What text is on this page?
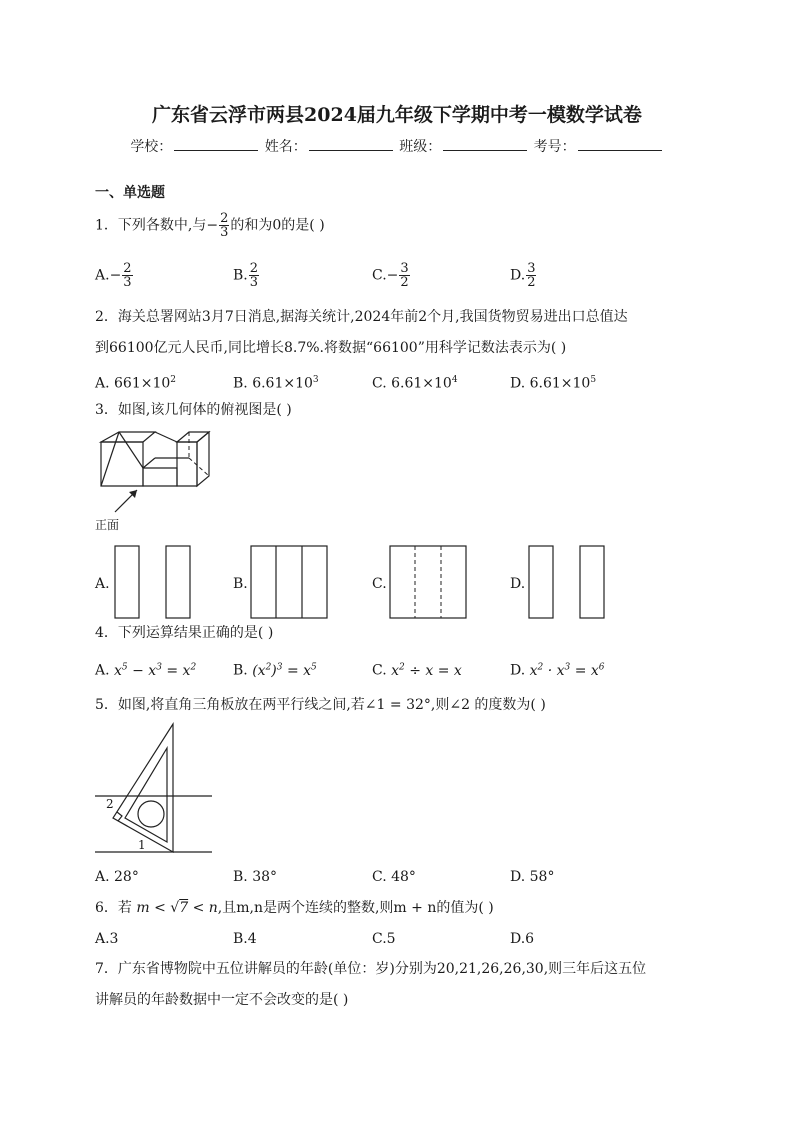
广东省云浮市两县2024届九年级下学期中考一模数学试卷
学校：	姓名：	班级：	考号：
一、单选题
1．下列各数中,与− $\frac{2}{3}$ 的和为0的是( )
$A.- \frac{2}{3}$	B. $\frac{2}{3}$	$C.- \frac{3}{2}$	D. $\frac{3}{2}$
2．海关总署网站3月7日消息,据海关统计,2024年前2个月,我国货物贸易进出口总值达
到66100亿元人民币,同比增长8.7%.将数据“66100”用科学记数法表示为( )
A. $661\times 10^2$	B. $6.61\times 10^3$	C. $6.61\times 10^4$	D. $6.61\times 10^5$
3．如图,该几何体的俯视图是( )
正面
A.	B.	C.	D.
4．下列运算结果正确的是( )
A. $x^5 - x^3 = x^2$	B. $(x^2)^3 = x^5$	C. $x^2 \div x = x$	D. $x^2 \cdot x^3 = x^6$
5．如图,将直角三角板放在两平行线之间,若∠1 = 32°,则∠2 的度数为( )
2
1
A. 28°	B. 38°	C. 48°	D. 58°
6．若 m < √7 < n,且m,n是两个连续的整数,则m + n的值为( )
A.3	B.4	C.5	D.6
7．广东省博物院中五位讲解员的年龄(单位：岁)分别为20,21,26,26,30,则三年后这五位
讲解员的年龄数据中一定不会改变的是( )
